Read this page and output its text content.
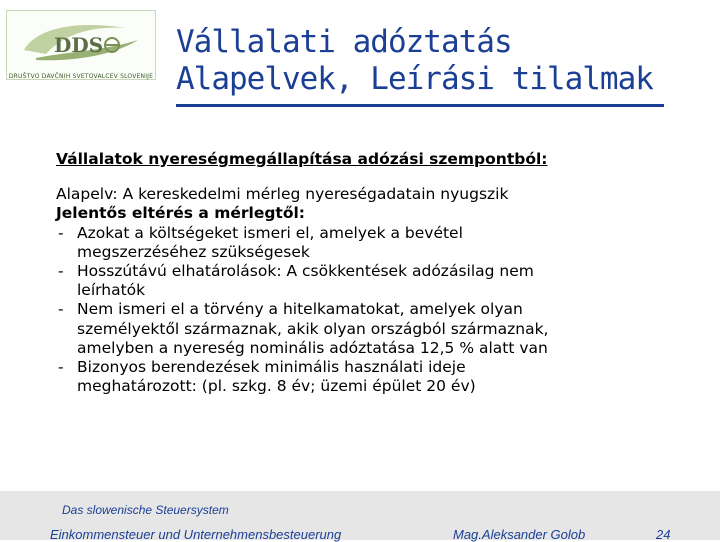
DDS
DRUŠTVO DAVČNIH SVETOVALCEV SLOVENIJE
Vállalati adóztatás
Alapelvek, Leírási tilalmak
Vállalatok nyereségmegállapítása adózási szempontból:
Alapelv: A kereskedelmi mérleg nyereségadatain nyugszik
Jelentős eltérés a mérlegtől:
- Azokat a költségeket ismeri el, amelyek a bevétel
megszerzéséhez szükségesek
- Hosszútávú elhatárolások: A csökkentések adózásilag nem
leírhatók
- Nem ismeri el a törvény a hitelkamatokat, amelyek olyan
személyektől származnak, akik olyan országból származnak,
amelyben a nyereség nominális adóztatása 12,5 % alatt van
- Bizonyos berendezések minimális használati ideje
meghatározott: (pl. szkg. 8 év; üzemi épület 20 év)
Das slowenische Steuersystem
Einkommensteuer und Unternehmensbesteuerung	Mag.Aleksander Golob	24
